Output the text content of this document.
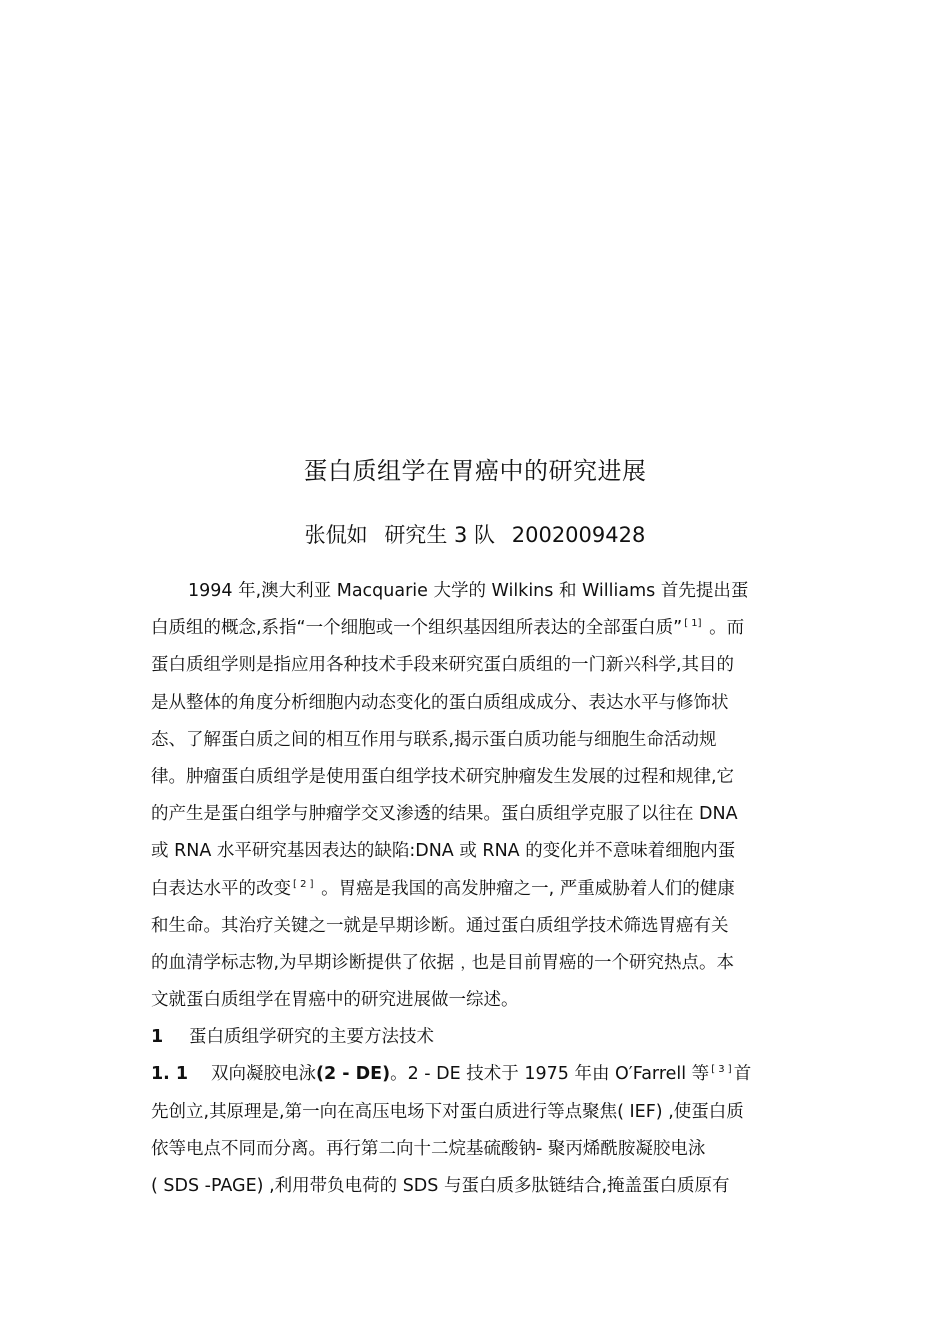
蛋白质组学在胃癌中的研究进展
张侃如 研究生 3 队 2002009428
1994 年,澳大利亚 Macquarie 大学的 Wilkins 和 Williams 首先提出蛋
白质组的概念,系指“一个细胞或一个组织基因组所表达的全部蛋白质” [ 1] 。而
蛋白质组学则是指应用各种技术手段来研究蛋白质组的一门新兴科学,其目的
是从整体的角度分析细胞内动态变化的蛋白质组成成分、表达水平与修饰状
态、了解蛋白质之间的相互作用与联系,揭示蛋白质功能与细胞生命活动规
律。肿瘤蛋白质组学是使用蛋白组学技术研究肿瘤发生发展的过程和规律,它
的产生是蛋白组学与肿瘤学交叉渗透的结果。蛋白质组学克服了以往在 DNA
或 RNA 水平研究基因表达的缺陷:DNA 或 RNA 的变化并不意味着细胞内蛋
白表达水平的改变 [ 2 ] 。胃癌是我国的高发肿瘤之一, 严重威胁着人们的健康
和生命。其治疗关键之一就是早期诊断。通过蛋白质组学技术筛选胃癌有关
的血清学标志物,为早期诊断提供了依据﹐也是目前胃癌的一个研究热点。本
文就蛋白质组学在胃癌中的研究进展做一综述。
1 蛋白质组学研究的主要方法技术
1. 1 双向凝胶电泳(2 - DE)。2 - DE 技术于 1975 年由 O′Farrell 等 [ 3 ] 首
先创立,其原理是,第一向在高压电场下对蛋白质进行等点聚焦( IEF) ,使蛋白质
依等电点不同而分离。再行第二向十二烷基硫酸钠- 聚丙烯酰胺凝胶电泳
( SDS -PAGE) ,利用带负电荷的 SDS 与蛋白质多肽链结合,掩盖蛋白质原有
